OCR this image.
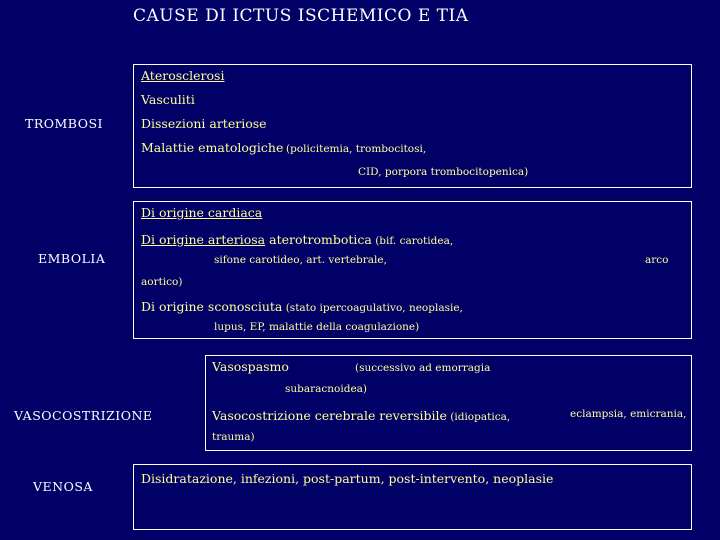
CAUSE DI ICTUS ISCHEMICO E TIA
TROMBOSI
Aterosclerosi
Vasculiti
Dissezioni arteriose
Malattie ematologiche (policitemia, trombocitosi,
CID, porpora trombocitopenica)
EMBOLIA
Di origine cardiaca
Di origine arteriosa aterotrombotica (bif. carotidea,
sifone carotideo, art. vertebrale,	arco
aortico)
Di origine sconosciuta (stato ipercoagulativo, neoplasie,
lupus, EP, malattie della coagulazione)
VASOCOSTRIZIONE
Vasospasmo	(successivo ad emorragia
subaracnoidea)
Vasocostrizione cerebrale reversibile (idiopatica,	eclampsia, emicrania,
trauma)
VENOSA
Disidratazione, infezioni, post-partum, post-intervento, neoplasie
